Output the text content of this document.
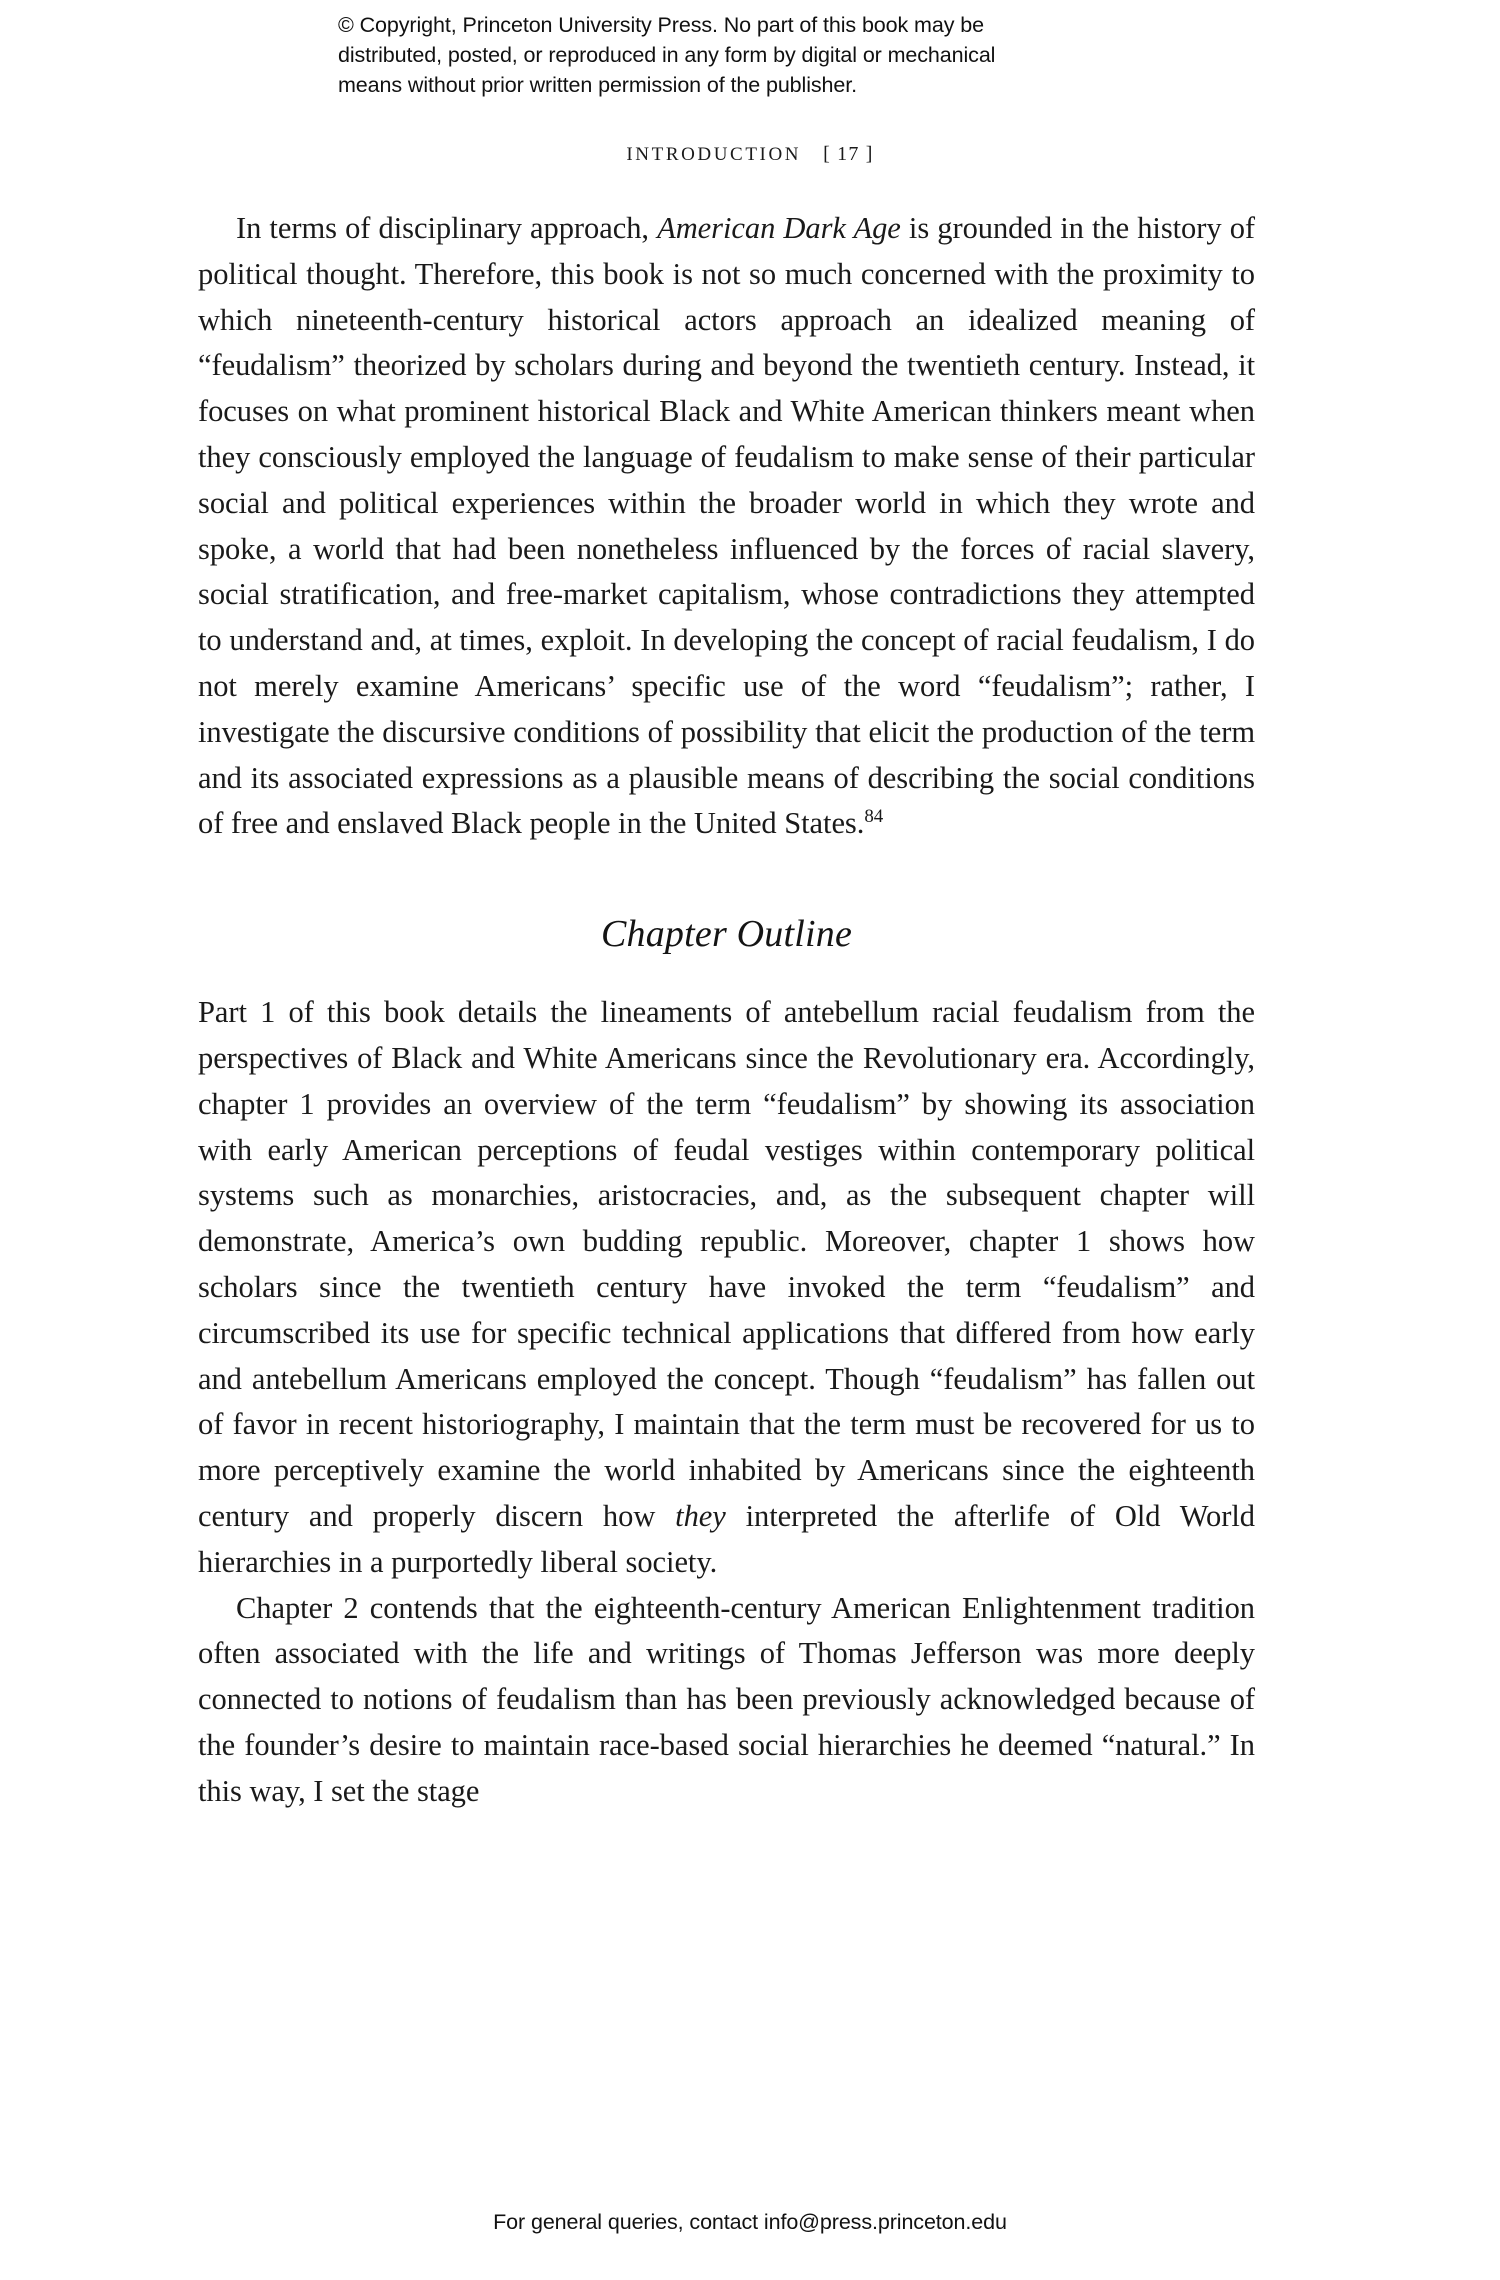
© Copyright, Princeton University Press. No part of this book may be
distributed, posted, or reproduced in any form by digital or mechanical
means without prior written permission of the publisher.
INTRODUCTION [ 17 ]

In terms of disciplinary approach, American Dark Age is grounded in the history of political thought. Therefore, this book is not so much concerned with the proximity to which nineteenth-century historical actors approach an idealized meaning of “feudalism” theorized by scholars during and beyond the twentieth century. Instead, it focuses on what prominent historical Black and White American thinkers meant when they consciously employed the language of feudalism to make sense of their particular social and political experiences within the broader world in which they wrote and spoke, a world that had been nonetheless influenced by the forces of racial slavery, social stratification, and free-market capitalism, whose contradictions they attempted to understand and, at times, exploit. In developing the concept of racial feudalism, I do not merely examine Americans’ specific use of the word “feudalism”; rather, I investigate the discursive conditions of possibility that elicit the production of the term and its associated expressions as a plausible means of describing the social conditions of free and enslaved Black people in the United States.$^{84}$

Chapter Outline

Part 1 of this book details the lineaments of antebellum racial feudalism from the perspectives of Black and White Americans since the Revolutionary era. Accordingly, chapter 1 provides an overview of the term “feudalism” by showing its association with early American perceptions of feudal vestiges within contemporary political systems such as monarchies, aristocracies, and, as the subsequent chapter will demonstrate, America’s own budding republic. Moreover, chapter 1 shows how scholars since the twentieth century have invoked the term “feudalism” and circumscribed its use for specific technical applications that differed from how early and antebellum Americans employed the concept. Though “feudalism” has fallen out of favor in recent historiography, I maintain that the term must be recovered for us to more perceptively examine the world inhabited by Americans since the eighteenth century and properly discern how they interpreted the afterlife of Old World hierarchies in a purportedly liberal society.

Chapter 2 contends that the eighteenth-century American Enlightenment tradition often associated with the life and writings of Thomas Jefferson was more deeply connected to notions of feudalism than has been previously acknowledged because of the founder’s desire to maintain race-based social hierarchies he deemed “natural.” In this way, I set the stage

For general queries, contact info@press.princeton.edu
